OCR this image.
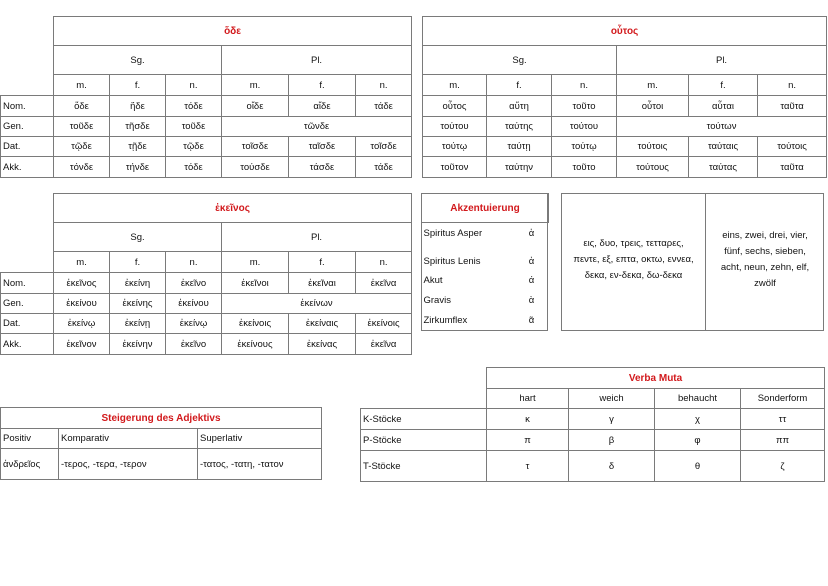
	ὅδε					
	Sg.			Pl.		
	m.	f.	n.	m.	f.	n.
Nom.	ὅδε	ἥδε	τόδε	οἵδε	αἵδε	τάδε
Gen.	τοῦδε	τῆσδε	τοῦδε	τῶνδε		
Dat.	τῷδε	τῇδε	τῷδε	τοῖσδε	ταῖσδε	τοῖσδε
Akk.	τόνδε	τήνδε	τόδε	τούσδε	τάσδε	τάδε
οὗτος					
Sg.			Pl.		
m.	f.	n.	m.	f.	n.
οὗτος	αὕτη	τοῦτο	οὗτοι	αὗται	ταῦτα
τούτου	ταύτης	τούτου	τούτων		
τούτῳ	ταύτῃ	τούτῳ	τούτοις	ταύταις	τούτοις
τοῦτον	ταύτην	τοῦτο	τούτους	ταύτας	ταῦτα
	ἐκεῖνος					
	Sg.			Pl.		
	m.	f.	n.	m.	f.	n.
Nom.	ἐκεῖνος	ἐκείνη	ἐκεῖνο	ἐκεῖνοι	ἐκεῖναι	ἐκεῖνα
Gen.	ἐκείνου	ἐκείνης	ἐκείνου	ἐκείνων		
Dat.	ἐκείνῳ	ἐκείνῃ	ἐκείνῳ	ἐκείνοις	ἐκείναις	ἐκείνοις
Akk.	ἐκεῖνον	ἐκείνην	ἐκεῖνο	ἐκείνους	ἐκείνας	ἐκεῖνα
Akzentuierung	
Spiritus Asper	ἁ
Spiritus Lenis	ἀ
Akut	ά
Gravis	ὰ
Zirkumflex	ᾶ
εις, δυο, τρεις, τετταρες,
πεντε, εξ, επτα, οκτω, εννεα,
δεκα, εν-δεκα, δω-δεκα
eins, zwei, drei, vier,
fünf, sechs, sieben,
acht, neun, zehn, elf,
zwölf
	Verba Muta			
	hart	weich	behaucht	Sonderform
K-Stöcke	κ	γ	χ	ττ
P-Stöcke	π	β	φ	ππ
T-Stöcke	τ	δ	θ	ζ
Steigerung des Adjektivs		
Positiv	Komparativ	Superlativ
ἀνδρεῖος	-τερος, -τερα, -τερον	-τατος, -τατη, -τατον
